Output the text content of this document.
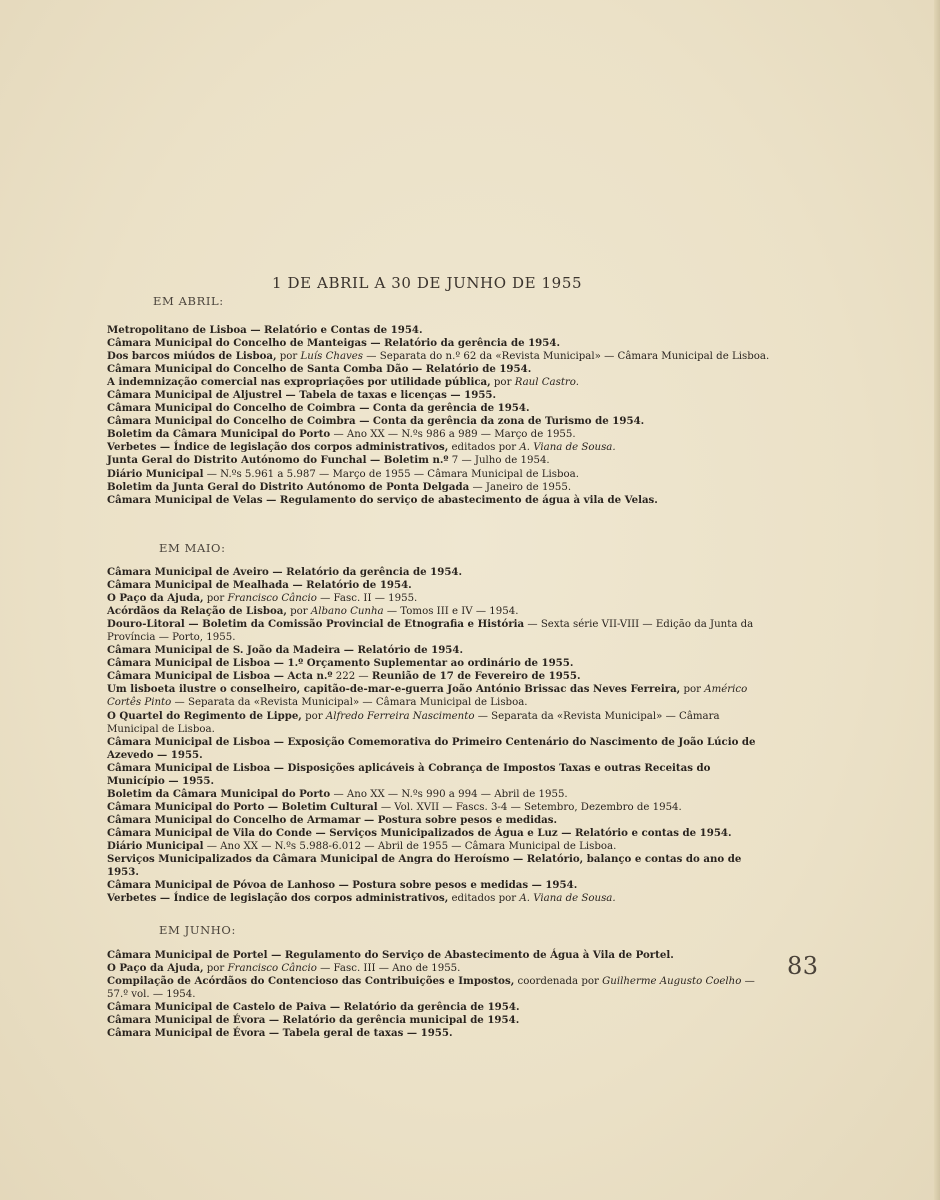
1 DE ABRIL A 30 DE JUNHO DE 1955
EM ABRIL:

Metropolitano de Lisboa — Relatório e Contas de 1954.

Câmara Municipal do Concelho de Manteigas — Relatório da gerência de 1954.

Dos barcos miúdos de Lisboa, por Luís Chaves — Separata do n.º 62 da «Revista Municipal» — Câmara Municipal de Lisboa.

Câmara Municipal do Concelho de Santa Comba Dão — Relatório de 1954.

A indemnização comercial nas expropriações por utilidade pública, por Raul Castro.

Câmara Municipal de Aljustrel — Tabela de taxas e licenças — 1955.

Câmara Municipal do Concelho de Coimbra — Conta da gerência de 1954.

Câmara Municipal do Concelho de Coimbra — Conta da gerência da zona de Turismo de 1954.

Boletim da Câmara Municipal do Porto — Ano XX — N.ºs 986 a 989 — Março de 1955.

Verbetes — Índice de legislação dos corpos administrativos, editados por A. Viana de Sousa.

Junta Geral do Distrito Autónomo do Funchal — Boletim n.º 7 — Julho de 1954.

Diário Municipal — N.ºs 5.961 a 5.987 — Março de 1955 — Câmara Municipal de Lisboa.

Boletim da Junta Geral do Distrito Autónomo de Ponta Delgada — Janeiro de 1955.

Câmara Municipal de Velas — Regulamento do serviço de abastecimento de água à vila de Velas.

EM MAIO:

Câmara Municipal de Aveiro — Relatório da gerência de 1954.

Câmara Municipal de Mealhada — Relatório de 1954.

O Paço da Ajuda, por Francisco Câncio — Fasc. II — 1955.

Acórdãos da Relação de Lisboa, por Albano Cunha — Tomos III e IV — 1954.

Douro-Litoral — Boletim da Comissão Provincial de Etnografia e História — Sexta série VII-VIII — Edição da Junta da Província — Porto, 1955.

Câmara Municipal de S. João da Madeira — Relatório de 1954.

Câmara Municipal de Lisboa — 1.º Orçamento Suplementar ao ordinário de 1955.

Câmara Municipal de Lisboa — Acta n.º 222 — Reunião de 17 de Fevereiro de 1955.

Um lisboeta ilustre o conselheiro, capitão-de-mar-e-guerra João António Brissac das Neves Ferreira, por Américo Cortês Pinto — Separata da «Revista Municipal» — Câmara Municipal de Lisboa.

O Quartel do Regimento de Lippe, por Alfredo Ferreira Nascimento — Separata da «Revista Municipal» — Câmara Municipal de Lisboa.

Câmara Municipal de Lisboa — Exposição Comemorativa do Primeiro Centenário do Nascimento de João Lúcio de Azevedo — 1955.

Câmara Municipal de Lisboa — Disposições aplicáveis à Cobrança de Impostos Taxas e outras Receitas do Município — 1955.

Boletim da Câmara Municipal do Porto — Ano XX — N.ºs 990 a 994 — Abril de 1955.

Câmara Municipal do Porto — Boletim Cultural — Vol. XVII — Fascs. 3-4 — Setembro, Dezembro de 1954.

Câmara Municipal do Concelho de Armamar — Postura sobre pesos e medidas.

Câmara Municipal de Vila do Conde — Serviços Municipalizados de Água e Luz — Relatório e contas de 1954.

Diário Municipal — Ano XX — N.ºs 5.988-6.012 — Abril de 1955 — Câmara Municipal de Lisboa.

Serviços Municipalizados da Câmara Municipal de Angra do Heroísmo — Relatório, balanço e contas do ano de 1953.

Câmara Municipal de Póvoa de Lanhoso — Postura sobre pesos e medidas — 1954.

Verbetes — Índice de legislação dos corpos administrativos, editados por A. Viana de Sousa.

EM JUNHO:

Câmara Municipal de Portel — Regulamento do Serviço de Abastecimento de Água à Vila de Portel.

O Paço da Ajuda, por Francisco Câncio — Fasc. III — Ano de 1955.

Compilação de Acórdãos do Contencioso das Contribuições e Impostos, coordenada por Guilherme Augusto Coelho — 57.º vol. — 1954.

Câmara Municipal de Castelo de Paiva — Relatório da gerência de 1954.

Câmara Municipal de Évora — Relatório da gerência municipal de 1954.

Câmara Municipal de Évora — Tabela geral de taxas — 1955.

83
